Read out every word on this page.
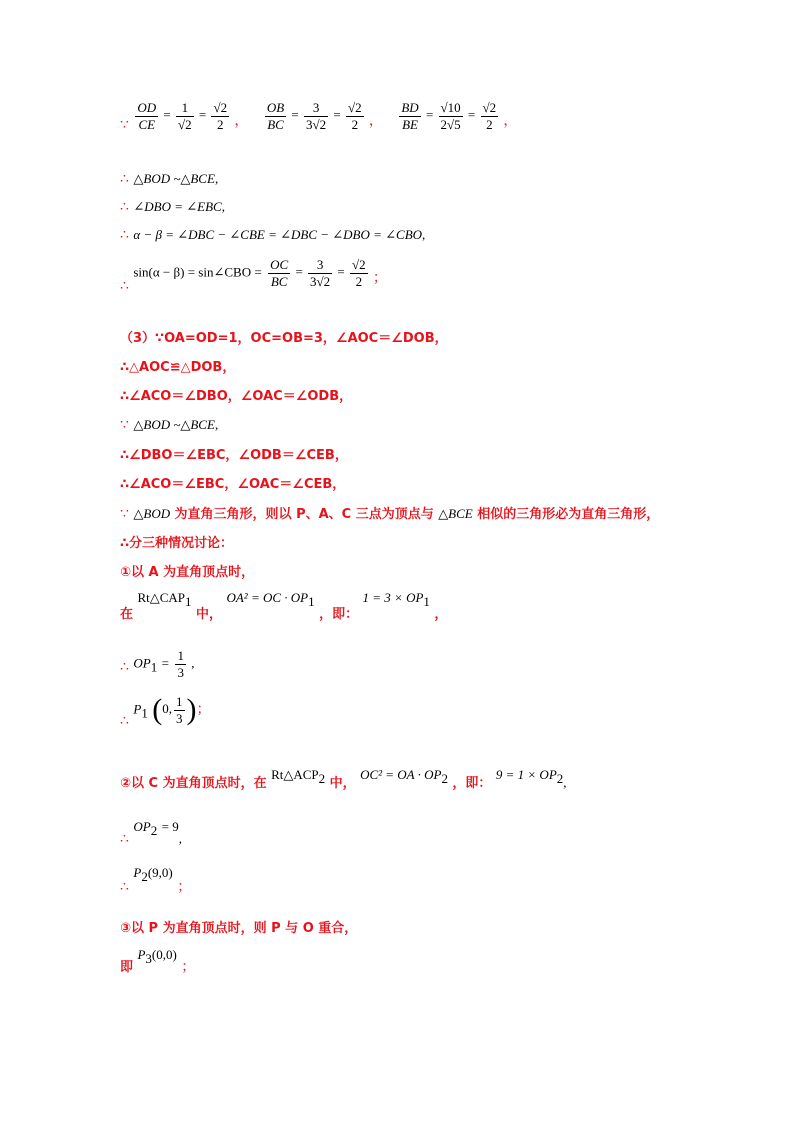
∵ $\frac{OD}{CE} = \frac{1}{√2} = \frac{√2}{2}$ ， $\frac{OB}{BC} = \frac{3}{3√2} = \frac{√2}{2}$ ， $\frac{BD}{BE} = \frac{√10}{2√5} = \frac{√2}{2}$ ，
∴ △BOD ~△BCE,
∴ ∠DBO = ∠EBC,
∴ α − β = ∠DBC − ∠CBE = ∠DBC − ∠DBO = ∠CBO,
∴ sin(α − β) = sin∠CBO = $\frac{OC}{BC} = \frac{3}{3√2} = \frac{√2}{2}$ ；
（3）∵OA=OD=1，OC=OB=3，∠AOC＝∠DOB，
∴△AOC≌△DOB，
∴∠ACO＝∠DBO，∠OAC＝∠ODB，
∵ △BOD ~△BCE,
∴∠DBO＝∠EBC，∠ODB＝∠CEB，
∴∠ACO＝∠EBC，∠OAC＝∠CEB，
∵ △BOD 为直角三角形，则以 P、A、C 三点为顶点与 △BCE 相似的三角形必为直角三角形，
∴分三种情况讨论：
①以 A 为直角顶点时，
在 $Rt\triangle CAP_1$ 中， OA² = OC · $OP_1$ ，即： $1 = 3 \times OP_1$ ，
∴ $OP_1 = \frac{1}{3}$ ,
∴ $P_1$ (0, $\frac{1}{3}$ )；
②以 C 为直角顶点时，在 $Rt\triangle ACP_2$ 中， OC² = OA · $OP_2$ ，即： $9 = 1 \times OP_2$,
∴ $OP_2 = 9$,
∴ $P_2(9,0)$ ；
③以 P 为直角顶点时，则 P 与 O 重合，
即 $P_3(0,0)$ ；
